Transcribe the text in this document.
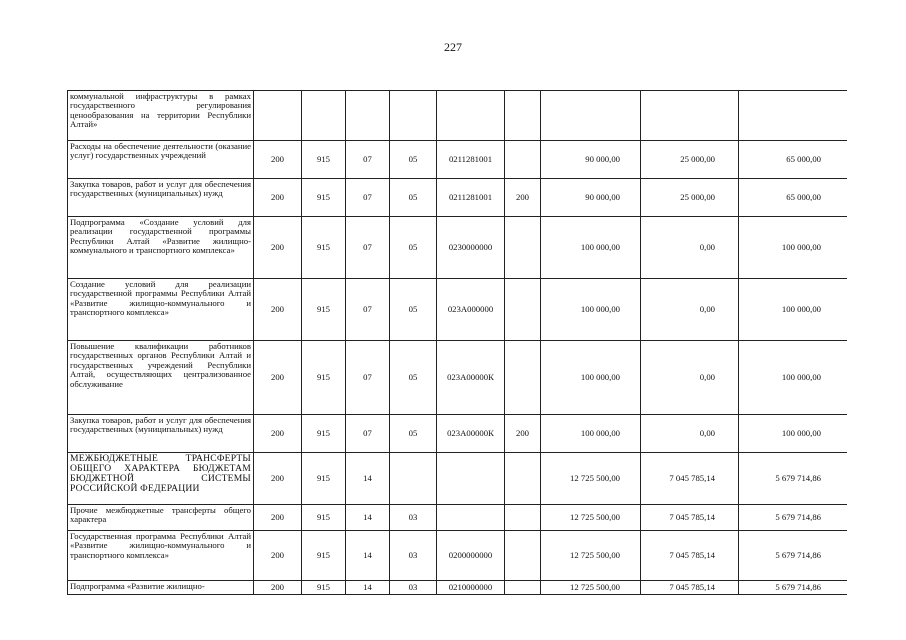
227
коммунальной инфраструктуры в рамках государственного регулирования ценообразования на территории Республики Алтай»									
Расходы на обеспечение деятельности (оказание услуг) государственных учреждений	200	915	07	05	0211281001		90 000,00	25 000,00	65 000,00
Закупка товаров, работ и услуг для обеспечения государственных (муниципальных) нужд	200	915	07	05	0211281001	200	90 000,00	25 000,00	65 000,00
Подпрограмма «Создание условий для реализации государственной программы Республики Алтай «Развитие жилищно-коммунального и транспортного комплекса»	200	915	07	05	0230000000		100 000,00	0,00	100 000,00
Создание условий для реализации государственной программы Республики Алтай «Развитие жилищно-коммунального и транспортного комплекса»	200	915	07	05	023А000000		100 000,00	0,00	100 000,00
Повышение квалификации работников государственных органов Республики Алтай и государственных учреждений Республики Алтай, осуществляющих централизованное обслуживание	200	915	07	05	023А00000К		100 000,00	0,00	100 000,00
Закупка товаров, работ и услуг для обеспечения государственных (муниципальных) нужд	200	915	07	05	023А00000К	200	100 000,00	0,00	100 000,00
МЕЖБЮДЖЕТНЫЕ ТРАНСФЕРТЫ ОБЩЕГО ХАРАКТЕРА БЮДЖЕТАМ БЮДЖЕТНОЙ СИСТЕМЫ РОССИЙСКОЙ ФЕДЕРАЦИИ	200	915	14				12 725 500,00	7 045 785,14	5 679 714,86
Прочие межбюджетные трансферты общего характера	200	915	14	03			12 725 500,00	7 045 785,14	5 679 714,86
Государственная программа Республики Алтай «Развитие жилищно-коммунального и транспортного комплекса»	200	915	14	03	0200000000		12 725 500,00	7 045 785,14	5 679 714,86
Подпрограмма «Развитие жилищно-	200	915	14	03	0210000000		12 725 500,00	7 045 785,14	5 679 714,86
